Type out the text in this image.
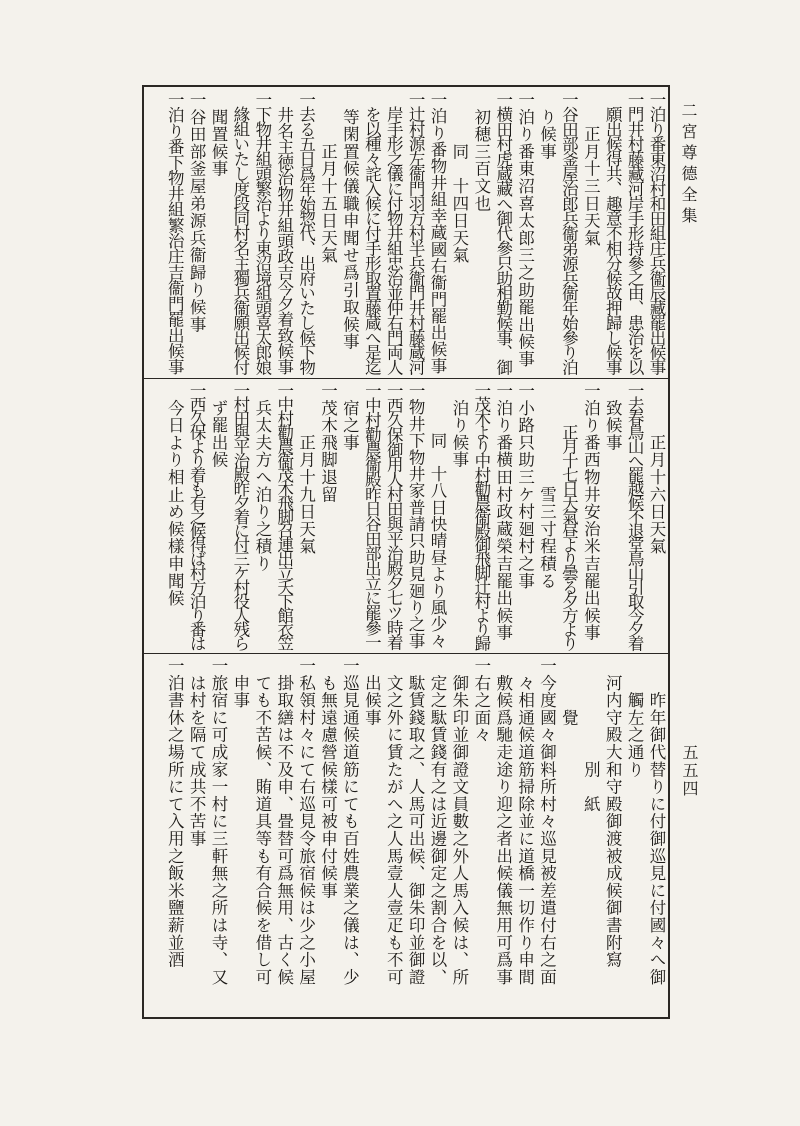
二宮尊德全集
五五四
一泊り番東沼村和田組庄兵衞辰藏罷出候事
一門井村藤藏河岸手形持參之由、患治を以
　願出候得共、趣意不相分候故押歸し候事
　　正月十三日天氣
一谷田部釜屋治郎兵衞弟源兵衞年始參り泊
　り候事
一泊り番東沼喜太郎三之助罷出候事
一横田村虎蔵藏へ御代參只助相勤候事、御
　初穂三百文也
　　　同　十四日天氣
一泊り番物井組幸蔵國右衞門罷出候事
一辻村源左衞門羽方村半兵衞門井村藤蔵河
　岸手形之儀に付物井組忠治並仲右門両人
　を以種々詫入候に付手形取置藤蔵へ是迄
　等閑置候儀職申聞せ爲引取候事
　　　正月十五日天氣
一去る五日爲年始惣代、出府いたし候下物
　井名主徳治物井組頭政吉今夕着致候事
一下物井組頭繁治より東沼境組頭喜太郎娘
　緣組いたし度段同村名主獨兵衞願出候付
　聞置候事
一谷田部釜屋弟源兵衞歸り候事
一泊り番下物井組繁治庄吉衞門罷出候事
　　　正月十六日天氣
一去春鳥山へ罷越候不退堂鳥山引取今夕着
　致候事
一泊り番西物井安治米吉罷出候事
　　　正月十七日天氣昼より曇る夕方より
　　　　　　雪三寸程積る
一小路只助三ケ村廻村之事
一泊り番横田村政蔵榮吉罷出候事
一茂木より中村勸農衞殿御飛脚辻村より歸
　泊り候事
　　　同　十八日快晴昼より風少々
一物井下物井家普請只助見廻り之事
一西久保御用人村田與平治殿夕七ツ時着
一中村勸農衞殿昨日谷田部出立に罷參一
　宿之事
一茂木飛脚退留
　　　正月十九日天氣
一中村勸農衞茂木飛脚召連出立夭下館衣笠
　兵太夫方へ泊り之積り
一村田與平治殿昨夕着に付三ケ村役人残ら
　ず罷出候
一西久保より着も有之候得ば村方泊り番は
　今日より相止め候樣申聞候
　　昨年御代替りに付御巡見に付國々へ御
　　觸左之通り
　河内守殿大和守殿御渡被成候御書附寫
　　　　　　別　紙
　　　覺
一今度國々御料所村々巡見被差遣付右之面
　々相通候道筋掃除並に道橋一切作り申間
　敷候爲馳走途り迎之者出候儀無用可爲事
一右之面々
　御朱印並御證文員數之外人馬入候は、所
　定之駄賃錢有之は近邊御定之割合を以、
　駄賃錢取之、人馬可出候、御朱印並御證
　文之外に賃たがへ之人馬壹人壹疋も不可
　出候事
一巡見通候道筋にても百姓農業之儀は、少
　も無遠慮營候樣可被申付候事
一私領村々にて右巡見令旅宿候は少之小屋
　掛取繕は不及申、畳替可爲無用、古く候
　ても不苦候、賄道具等も有合候を借し可
　申事
一旅宿に可成家一村に三軒無之所は寺、又
　は村を隔て成共不苦事
一泊書休之場所にて入用之飯米鹽薪並酒
